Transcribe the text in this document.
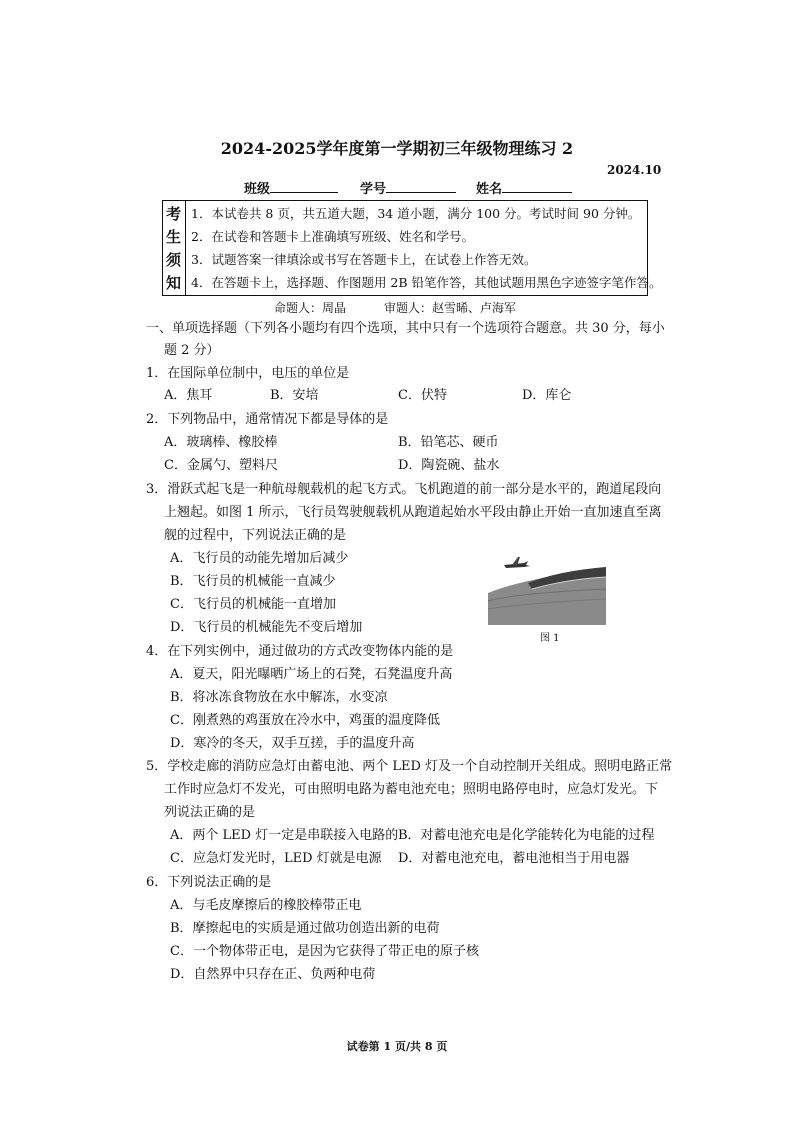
2024-2025学年度第一学期初三年级物理练习 2
2024.10
班级	学号	姓名
考
生
须
知
1．本试卷共 8 页，共五道大题，34 道小题，满分 100 分。考试时间 90 分钟。
2．在试卷和答题卡上准确填写班级、姓名和学号。
3．试题答案一律填涂或书写在答题卡上，在试卷上作答无效。
4．在答题卡上，选择题、作图题用 2B 铅笔作答，其他试题用黑色字迹签字笔作答。
命题人：周晶	审题人：赵雪晞、卢海军
一、单项选择题（下列各小题均有四个选项，其中只有一个选项符合题意。共 30 分，每小
题 2 分）
1．在国际单位制中，电压的单位是
A．焦耳	B．安培	C．伏特	D．库仑
2．下列物品中，通常情况下都是导体的是
A．玻璃棒、橡胶棒	B．铅笔芯、硬币
C．金属勺、塑料尺	D．陶瓷碗、盐水
3．滑跃式起飞是一种航母舰载机的起飞方式。飞机跑道的前一部分是水平的，跑道尾段向
上翘起。如图 1 所示，飞行员驾驶舰载机从跑道起始水平段由静止开始一直加速直至离
舰的过程中，下列说法正确的是
A．飞行员的动能先增加后减少
B．飞行员的机械能一直减少
C．飞行员的机械能一直增加
D．飞行员的机械能先不变后增加
图 1
4．在下列实例中，通过做功的方式改变物体内能的是
A．夏天，阳光曝晒广场上的石凳，石凳温度升高
B．将冰冻食物放在水中解冻，水变凉
C．刚煮熟的鸡蛋放在冷水中，鸡蛋的温度降低
D．寒冷的冬天，双手互搓，手的温度升高
5．学校走廊的消防应急灯由蓄电池、两个 LED 灯及一个自动控制开关组成。照明电路正常
工作时应急灯不发光，可由照明电路为蓄电池充电；照明电路停电时，应急灯发光。下
列说法正确的是
A．两个 LED 灯一定是串联接入电路的 B．对蓄电池充电是化学能转化为电能的过程
C．应急灯发光时，LED 灯就是电源 D．对蓄电池充电，蓄电池相当于用电器
6．下列说法正确的是
A．与毛皮摩擦后的橡胶棒带正电
B．摩擦起电的实质是通过做功创造出新的电荷
C．一个物体带正电，是因为它获得了带正电的原子核
D．自然界中只存在正、负两种电荷
试卷第 1 页/共 8 页
